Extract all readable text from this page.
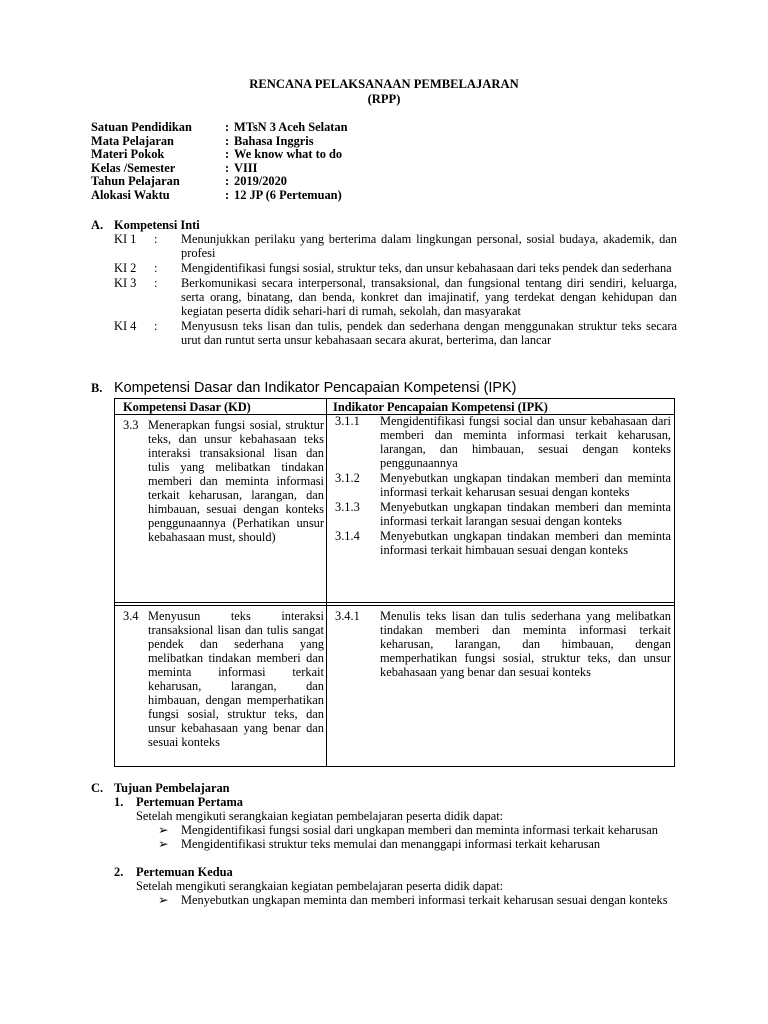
RENCANA PELAKSANAAN PEMBELAJARAN
(RPP)
Satuan Pendidikan	: MTsN 3 Aceh Selatan
Mata Pelajaran	: Bahasa Inggris
Materi Pokok	: We know what to do
Kelas /Semester	: VIII
Tahun Pelajaran	: 2019/2020
Alokasi Waktu	: 12 JP (6 Pertemuan)
A. Kompetensi Inti
KI 1	:	Menunjukkan perilaku yang berterima dalam lingkungan personal, sosial budaya, akademik, dan profesi
KI 2	:	Mengidentifikasi fungsi sosial, struktur teks, dan unsur kebahasaan dari teks pendek dan sederhana
KI 3	:	Berkomunikasi secara interpersonal, transaksional, dan fungsional tentang diri sendiri, keluarga, serta orang, binatang, dan benda, konkret dan imajinatif, yang terdekat dengan kehidupan dan kegiatan peserta didik sehari-hari di rumah, sekolah, dan masyarakat
KI 4	:	Menyususn teks lisan dan tulis, pendek dan sederhana dengan menggunakan struktur teks secara urut dan runtut serta unsur kebahasaan secara akurat, berterima, dan lancar
B. Kompetensi Dasar dan Indikator Pencapaian Kompetensi (IPK)
Kompetensi Dasar (KD)	Indikator Pencapaian Kompetensi (IPK)
3.3 Menerapkan fungsi sosial, struktur teks, dan unsur kebahasaan teks interaksi transaksional lisan dan tulis yang melibatkan tindakan memberi dan meminta informasi terkait keharusan, larangan, dan himbauan, sesuai dengan konteks penggunaannya (Perhatikan unsur kebahasaan must, should)
3.1.1	Mengidentifikasi fungsi social dan unsur kebahasaan dari memberi dan meminta informasi terkait keharusan, larangan, dan himbauan, sesuai dengan konteks penggunaannya
3.1.2	Menyebutkan ungkapan tindakan memberi dan meminta informasi terkait keharusan sesuai dengan konteks
3.1.3	Menyebutkan ungkapan tindakan memberi dan meminta informasi terkait larangan sesuai dengan konteks
3.1.4	Menyebutkan ungkapan tindakan memberi dan meminta informasi terkait himbauan sesuai dengan konteks
3.4 Menyusun teks interaksi transaksional lisan dan tulis sangat pendek dan sederhana yang melibatkan tindakan memberi dan meminta informasi terkait keharusan, larangan, dan himbauan, dengan memperhatikan fungsi sosial, struktur teks, dan unsur kebahasaan yang benar dan sesuai konteks
3.4.1	Menulis teks lisan dan tulis sederhana yang melibatkan tindakan memberi dan meminta informasi terkait keharusan, larangan, dan himbauan, dengan memperhatikan fungsi sosial, struktur teks, dan unsur kebahasaan yang benar dan sesuai konteks
C. Tujuan Pembelajaran
1.	Pertemuan Pertama
Setelah mengikuti serangkaian kegiatan pembelajaran peserta didik dapat:
➢	Mengidentifikasi fungsi sosial dari ungkapan memberi dan meminta informasi terkait keharusan
➢	Mengidentifikasi struktur teks memulai dan menanggapi informasi terkait keharusan
2.	Pertemuan Kedua
Setelah mengikuti serangkaian kegiatan pembelajaran peserta didik dapat:
➢	Menyebutkan ungkapan meminta dan memberi informasi terkait keharusan sesuai dengan konteks
